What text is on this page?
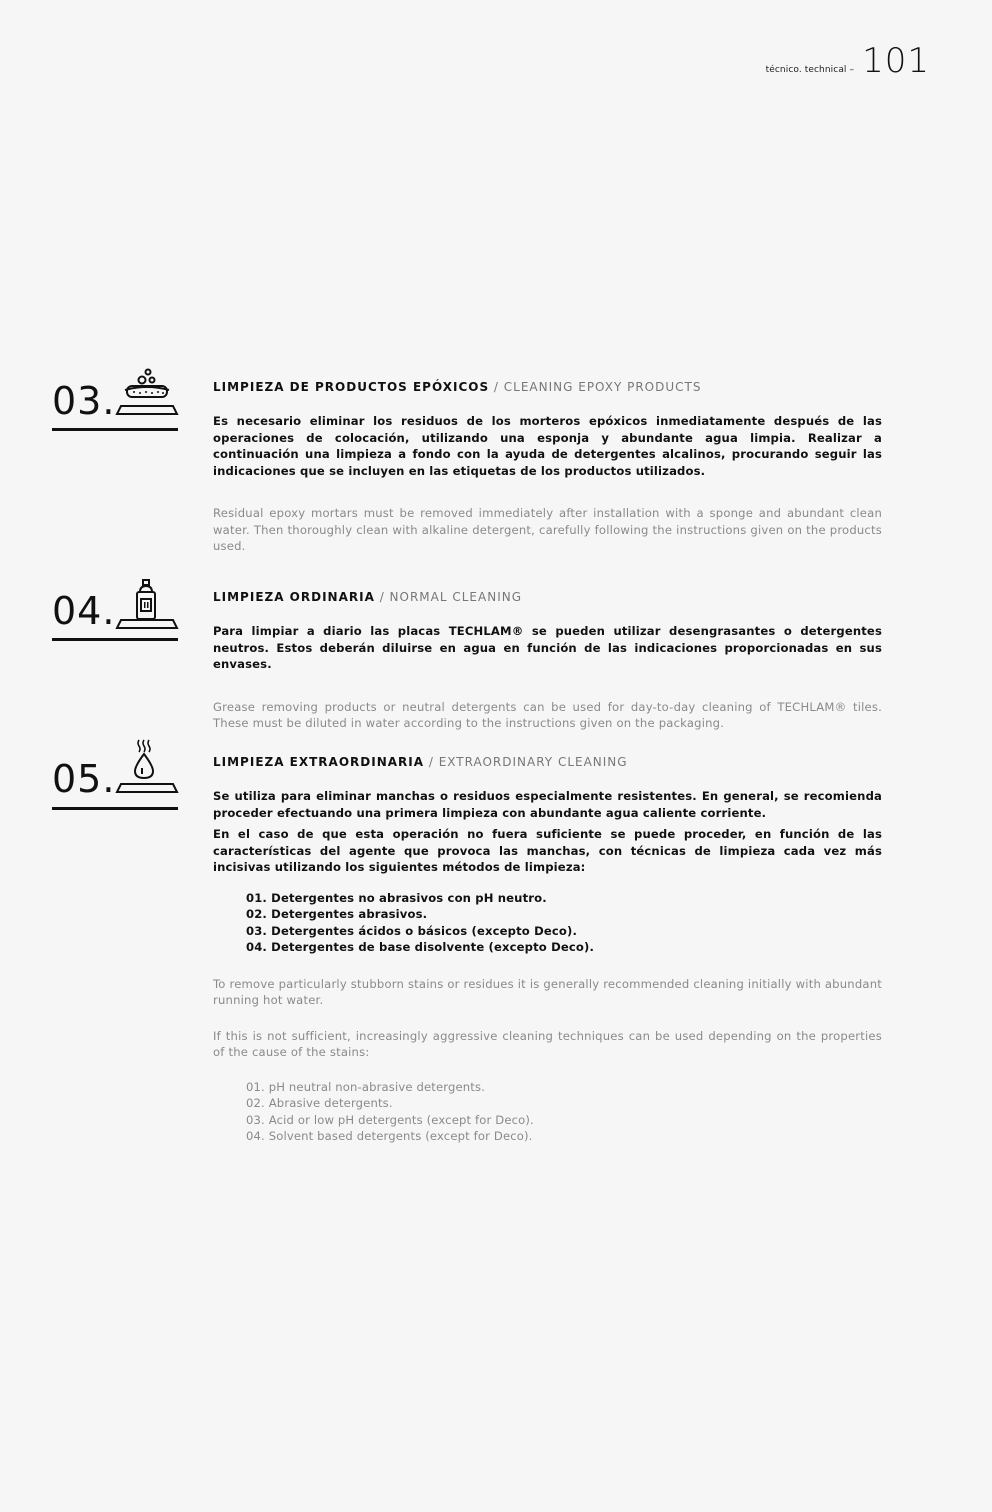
técnico. technical – 101
03.	LIMPIEZA DE PRODUCTOS EPÓXICOS / CLEANING EPOXY PRODUCTS

Es necesario eliminar los residuos de los morteros epóxicos inmediatamente después de las operaciones de colocación, utilizando una esponja y abundante agua limpia. Realizar a continuación una limpieza a fondo con la ayuda de detergentes alcalinos, procurando seguir las indicaciones que se incluyen en las etiquetas de los productos utilizados.

Residual epoxy mortars must be removed immediately after installation with a sponge and abundant clean water. Then thoroughly clean with alkaline detergent, carefully following the instructions given on the products used.

04.	LIMPIEZA ORDINARIA / NORMAL CLEANING

Para limpiar a diario las placas TECHLAM® se pueden utilizar desengrasantes o detergentes neutros. Estos deberán diluirse en agua en función de las indicaciones proporcionadas en sus envases.

Grease removing products or neutral detergents can be used for day-to-day cleaning of TECHLAM® tiles. These must be diluted in water according to the instructions given on the packaging.

05.	LIMPIEZA EXTRAORDINARIA / EXTRAORDINARY CLEANING

Se utiliza para eliminar manchas o residuos especialmente resistentes. En general, se recomienda proceder efectuando una primera limpieza con abundante agua caliente corriente.

En el caso de que esta operación no fuera suficiente se puede proceder, en función de las características del agente que provoca las manchas, con técnicas de limpieza cada vez más incisivas utilizando los siguientes métodos de limpieza:

01. Detergentes no abrasivos con pH neutro.
02. Detergentes abrasivos.
03. Detergentes ácidos o básicos (excepto Deco).
04. Detergentes de base disolvente (excepto Deco).

To remove particularly stubborn stains or residues it is generally recommended cleaning initially with abundant running hot water.

If this is not sufficient, increasingly aggressive cleaning techniques can be used depending on the properties of the cause of the stains:

01. pH neutral non-abrasive detergents.
02. Abrasive detergents.
03. Acid or low pH detergents (except for Deco).
04. Solvent based detergents (except for Deco).
